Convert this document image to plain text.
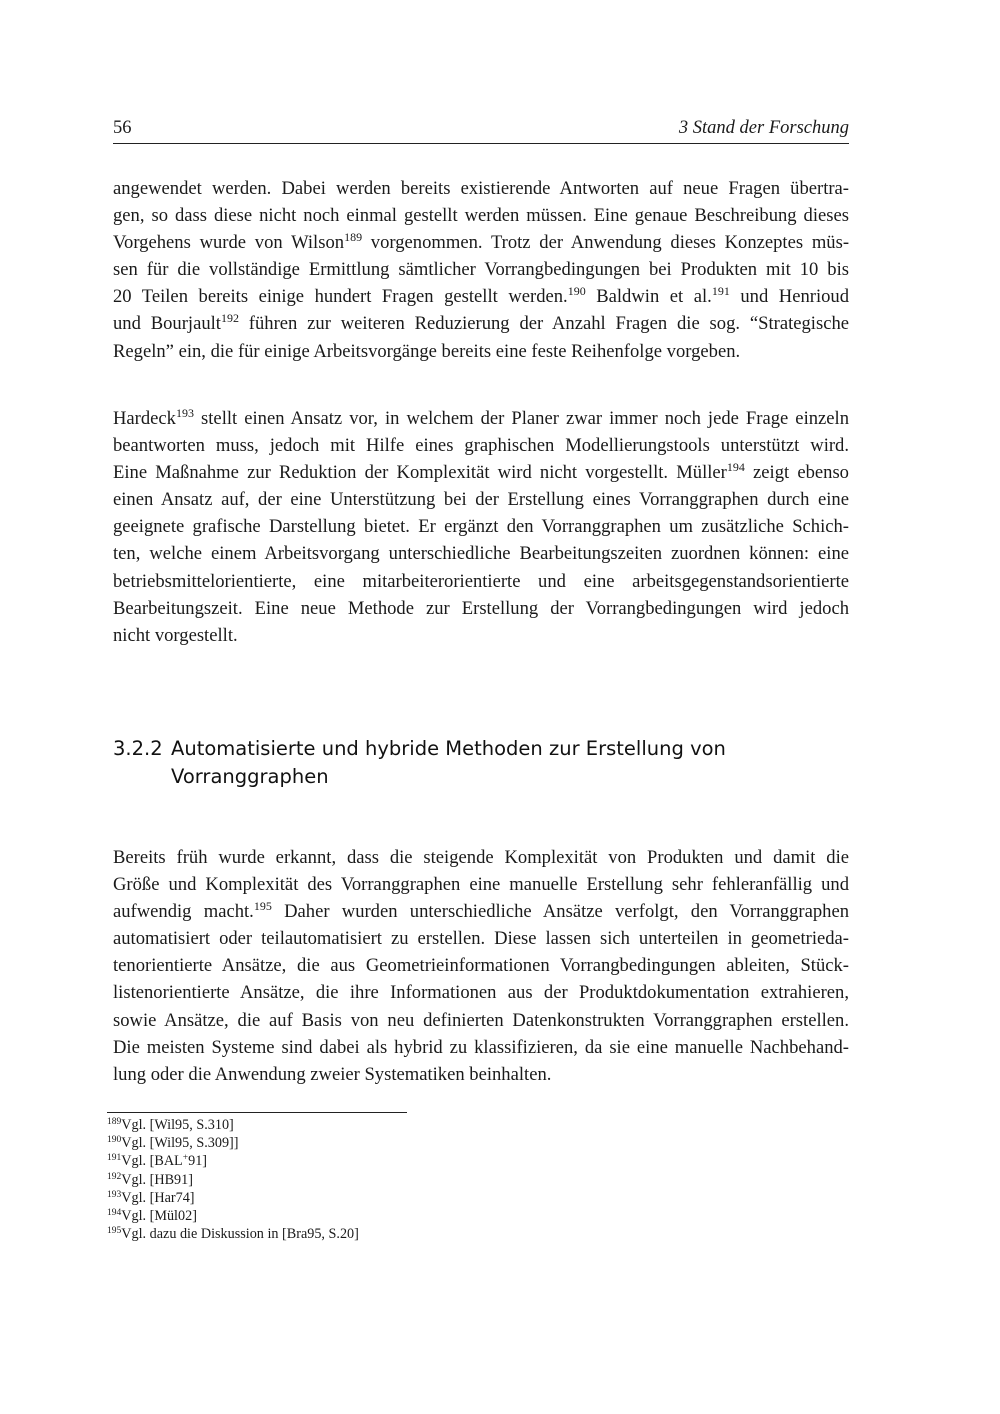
56	3 Stand der Forschung
angewendet werden. Dabei werden bereits existierende Antworten auf neue Fragen übertra-
gen, so dass diese nicht noch einmal gestellt werden müssen. Eine genaue Beschreibung dieses
Vorgehens wurde von Wilson$^{189}$ vorgenommen. Trotz der Anwendung dieses Konzeptes müs-
sen für die vollständige Ermittlung sämtlicher Vorrangbedingungen bei Produkten mit 10 bis
20 Teilen bereits einige hundert Fragen gestellt werden.$^{190}$ Baldwin et al.$^{191}$ und Henrioud
und Bourjault$^{192}$ führen zur weiteren Reduzierung der Anzahl Fragen die sog. “Strategische
Regeln” ein, die für einige Arbeitsvorgänge bereits eine feste Reihenfolge vorgeben.
Hardeck$^{193}$ stellt einen Ansatz vor, in welchem der Planer zwar immer noch jede Frage einzeln
beantworten muss, jedoch mit Hilfe eines graphischen Modellierungstools unterstützt wird.
Eine Maßnahme zur Reduktion der Komplexität wird nicht vorgestellt. Müller$^{194}$ zeigt ebenso
einen Ansatz auf, der eine Unterstützung bei der Erstellung eines Vorranggraphen durch eine
geeignete grafische Darstellung bietet. Er ergänzt den Vorranggraphen um zusätzliche Schich-
ten, welche einem Arbeitsvorgang unterschiedliche Bearbeitungszeiten zuordnen können: eine
betriebsmittelorientierte, eine mitarbeiterorientierte und eine arbeitsgegenstandsorientierte
Bearbeitungszeit. Eine neue Methode zur Erstellung der Vorrangbedingungen wird jedoch
nicht vorgestellt.
3.2.2 Automatisierte und hybride Methoden zur Erstellung von
Vorranggraphen
Bereits früh wurde erkannt, dass die steigende Komplexität von Produkten und damit die
Größe und Komplexität des Vorranggraphen eine manuelle Erstellung sehr fehleranfällig und
aufwendig macht.$^{195}$ Daher wurden unterschiedliche Ansätze verfolgt, den Vorranggraphen
automatisiert oder teilautomatisiert zu erstellen. Diese lassen sich unterteilen in geometrieda-
tenorientierte Ansätze, die aus Geometrieinformationen Vorrangbedingungen ableiten, Stück-
listenorientierte Ansätze, die ihre Informationen aus der Produktdokumentation extrahieren,
sowie Ansätze, die auf Basis von neu definierten Datenkonstrukten Vorranggraphen erstellen.
Die meisten Systeme sind dabei als hybrid zu klassifizieren, da sie eine manuelle Nachbehand-
lung oder die Anwendung zweier Systematiken beinhalten.
$^{189}$Vgl. [Wil95, S.310]
$^{190}$Vgl. [Wil95, S.309]]
$^{191}$Vgl. [BAL+91]
$^{192}$Vgl. [HB91]
$^{193}$Vgl. [Har74]
$^{194}$Vgl. [Mül02]
$^{195}$Vgl. dazu die Diskussion in [Bra95, S.20]
